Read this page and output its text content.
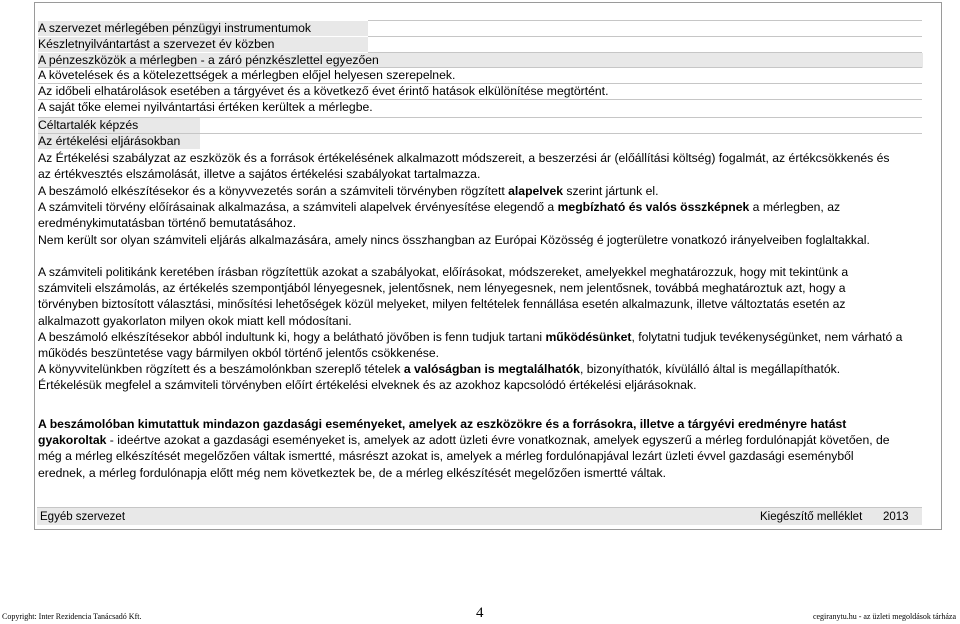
A szervezet mérlegében pénzügyi instrumentumok
Készletnyilvántartást a szervezet év közben
A pénzeszközök a mérlegben - a záró pénzkészlettel egyezően
A követelések és a kötelezettségek a mérlegben előjel helyesen szerepelnek.
Az időbeli elhatárolások esetében a tárgyévet és a következő évet érintő hatások elkülönítése megtörtént.
A saját tőke elemei nyilvántartási értéken kerültek a mérlegbe.
Céltartalék képzés
Az értékelési eljárásokban
Az Értékelési szabályzat az eszközök és a források értékelésének alkalmazott módszereit, a beszerzési ár (előállítási költség) fogalmát, az értékcsökkenés és az értékvesztés elszámolását, illetve a sajátos értékelési szabályokat tartalmazza.
A beszámoló elkészítésekor és a könyvvezetés során a számviteli törvényben rögzített alapelvek szerint jártunk el.
A számviteli törvény előírásainak alkalmazása, a számviteli alapelvek érvényesítése elegendő a megbízható és valós összképnek a mérlegben, az eredménykimutatásban történő bemutatásához.
Nem került sor olyan számviteli eljárás alkalmazására, amely nincs összhangban az Európai Közösség é jogterületre vonatkozó irányelveiben foglaltakkal.
A számviteli politikánk keretében írásban rögzítettük azokat a szabályokat, előírásokat, módszereket, amelyekkel meghatározzuk, hogy mit tekintünk a számviteli elszámolás, az értékelés szempontjából lényegesnek, jelentősnek, nem lényegesnek, nem jelentősnek, továbbá meghatároztuk azt, hogy a törvényben biztosított választási, minősítési lehetőségek közül melyeket, milyen feltételek fennállása esetén alkalmazunk, illetve változtatás esetén az alkalmazott gyakorlaton milyen okok miatt kell módosítani.
A beszámoló elkészítésekor abból indultunk ki, hogy a belátható jövőben is fenn tudjuk tartani működésünket, folytatni tudjuk tevékenységünket, nem várható a működés beszüntetése vagy bármilyen okból történő jelentős csökkenése.
A könyvvitelünkben rögzített és a beszámolónkban szereplő tételek a valóságban is megtalálhatók, bizonyíthatók, kívülálló által is megállapíthatók. Értékelésük megfelel a számviteli törvényben előírt értékelési elveknek és az azokhoz kapcsolódó értékelési eljárásoknak.
A beszámolóban kimutattuk mindazon gazdasági eseményeket, amelyek az eszközökre és a forrásokra, illetve a tárgyévi eredményre hatást gyakoroltak - ideértve azokat a gazdasági eseményeket is, amelyek az adott üzleti évre vonatkoznak, amelyek egyszerű a mérleg fordulónapját követően, de még a mérleg elkészítését megelőzően váltak ismertté, másrészt azokat is, amelyek a mérleg fordulónapjával lezárt üzleti évvel gazdasági eseményből erednek, a mérleg fordulónapja előtt még nem következtek be, de a mérleg elkészítését megelőzően ismertté váltak.
Egyéb szervezet	Kiegészítő melléklet 2013
Copyright: Inter Rezidencia Tanácsadó Kft.	4	cegiranytu.hu - az üzleti megoldások tárháza
